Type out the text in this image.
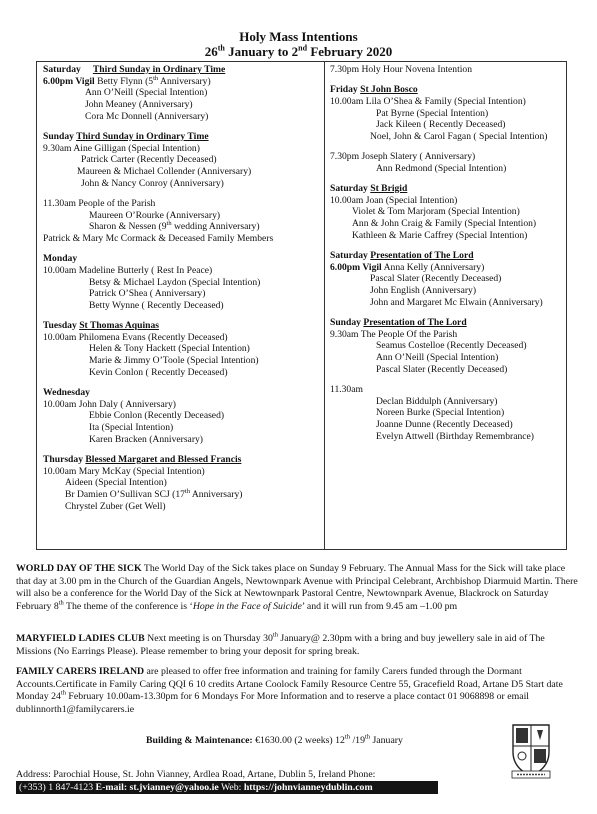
Holy Mass Intentions
26th January to 2nd February 2020
Saturday Third Sunday in Ordinary Time
6.00pm Vigil Betty Flynn (5th Anniversary)
Ann O’Neill (Special Intention)
John Meaney (Anniversary)
Cora Mc Donnell (Anniversary)
Sunday Third Sunday in Ordinary Time
9.30am Aine Gilligan (Special Intention)
Patrick Carter (Recently Deceased)
Maureen & Michael Collender (Anniversary)
John & Nancy Conroy (Anniversary)
11.30am People of the Parish
Maureen O’Rourke (Anniversary)
Sharon & Nessen (9th wedding Anniversary)
Patrick & Mary Mc Cormack & Deceased Family Members
Monday
10.00am Madeline Butterly ( Rest In Peace)
Betsy & Michael Laydon (Special Intention)
Patrick O’Shea ( Anniversary)
Betty Wynne ( Recently Deceased)
Tuesday St Thomas Aquinas
10.00am Philomena Evans (Recently Deceased)
Helen & Tony Hackett (Special Intention)
Marie & Jimmy O’Toole (Special Intention)
Kevin Conlon ( Recently Deceased)
Wednesday
10.00am John Daly ( Anniversary)
Ebbie Conlon (Recently Deceased)
Ita (Special Intention)
Karen Bracken (Anniversary)
Thursday Blessed Margaret and Blessed Francis
10.00am Mary McKay (Special Intention)
Aideen (Special Intention)
Br Damien O’Sullivan SCJ (17th Anniversary)
Chrystel Zuber (Get Well)
7.30pm Holy Hour Novena Intention
Friday St John Bosco
10.00am Lila O’Shea & Family (Special Intention)
Pat Byrne (Special Intention)
Jack Kileen ( Recently Deceased)
Noel, John & Carol Fagan ( Special Intention)
7.30pm Joseph Slatery ( Anniversary)
Ann Redmond (Special Intention)
Saturday St Brigid
10.00am Joan (Special Intention)
Violet & Tom Marjoram (Special Intention)
Ann & John Craig & Family (Special Intention)
Kathleen & Marie Caffrey (Special Intention)
Saturday Presentation of The Lord
6.00pm Vigil Anna Kelly (Anniversary)
Pascal Slater (Recently Deceased)
John English (Anniversary)
John and Margaret Mc Elwain (Anniversary)
Sunday Presentation of The Lord
9.30am The People Of the Parish
Seamus Costelloe (Recently Deceased)
Ann O’Neill (Special Intention)
Pascal Slater (Recently Deceased)
11.30am
Declan Biddulph (Anniversary)
Noreen Burke (Special Intention)
Joanne Dunne (Recently Deceased)
Evelyn Attwell (Birthday Remembrance)
WORLD DAY OF THE SICK The World Day of the Sick takes place on Sunday 9 February. The Annual Mass for the Sick will take place that day at 3.00 pm in the Church of the Guardian Angels, Newtownpark Avenue with Principal Celebrant, Archbishop Diarmuid Martin. There will also be a conference for the World Day of the Sick at Newtownpark Pastoral Centre, Newtownpark Avenue, Blackrock on Saturday February 8th The theme of the conference is ‘Hope in the Face of Suicide’ and it will run from 9.45 am –1.00 pm
MARYFIELD LADIES CLUB Next meeting is on Thursday 30th January@ 2.30pm with a bring and buy jewellery sale in aid of The Missions (No Earrings Please). Please remember to bring your deposit for spring break.
FAMILY CARERS IRELAND are pleased to offer free information and training for family Carers funded through the Dormant Accounts.Certificate in Family Caring QQI 6 10 credits Artane Coolock Family Resource Centre 55, Gracefield Road, Artane D5 Start date Monday 24th February 10.00am-13.30pm for 6 Mondays For More Information and to reserve a place contact 01 9068898 or email dublinnorth1@familycarers.ie
Building & Maintenance: €1630.00 (2 weeks) 12th /19th January
Address: Parochial House, St. John Vianney, Ardlea Road, Artane, Dublin 5, Ireland Phone:
(+353) 1 847-4123 E-mail: st.jvianney@yahoo.ie Web: https://johnvianneydublin.com
